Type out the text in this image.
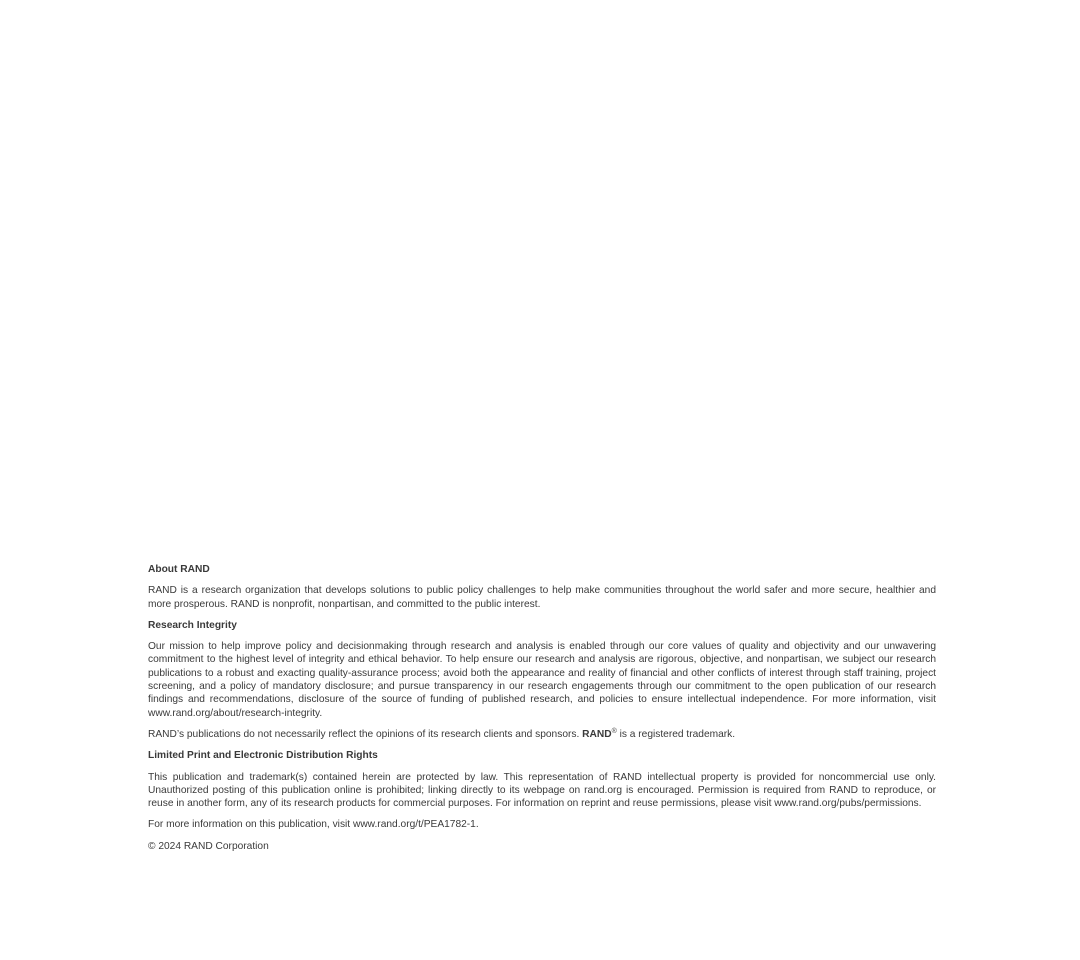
About RAND

RAND is a research organization that develops solutions to public policy challenges to help make communities throughout the world safer and more secure, healthier and more prosperous. RAND is nonprofit, nonpartisan, and committed to the public interest.

Research Integrity

Our mission to help improve policy and decisionmaking through research and analysis is enabled through our core values of quality and objectivity and our unwavering commitment to the highest level of integrity and ethical behavior. To help ensure our research and analysis are rigorous, objective, and nonpartisan, we subject our research publications to a robust and exacting quality-assurance process; avoid both the appearance and reality of financial and other conflicts of interest through staff training, project screening, and a policy of mandatory disclosure; and pursue transparency in our research engagements through our commitment to the open publication of our research findings and recommendations, disclosure of the source of funding of published research, and policies to ensure intellectual independence. For more information, visit www.rand.org/about/research-integrity.

RAND’s publications do not necessarily reflect the opinions of its research clients and sponsors. RAND® is a registered trademark.

Limited Print and Electronic Distribution Rights

This publication and trademark(s) contained herein are protected by law. This representation of RAND intellectual property is provided for noncommercial use only. Unauthorized posting of this publication online is prohibited; linking directly to its webpage on rand.org is encouraged. Permission is required from RAND to reproduce, or reuse in another form, any of its research products for commercial purposes. For information on reprint and reuse permissions, please visit www.rand.org/pubs/permissions.

For more information on this publication, visit www.rand.org/t/PEA1782-1.

© 2024 RAND Corporation
